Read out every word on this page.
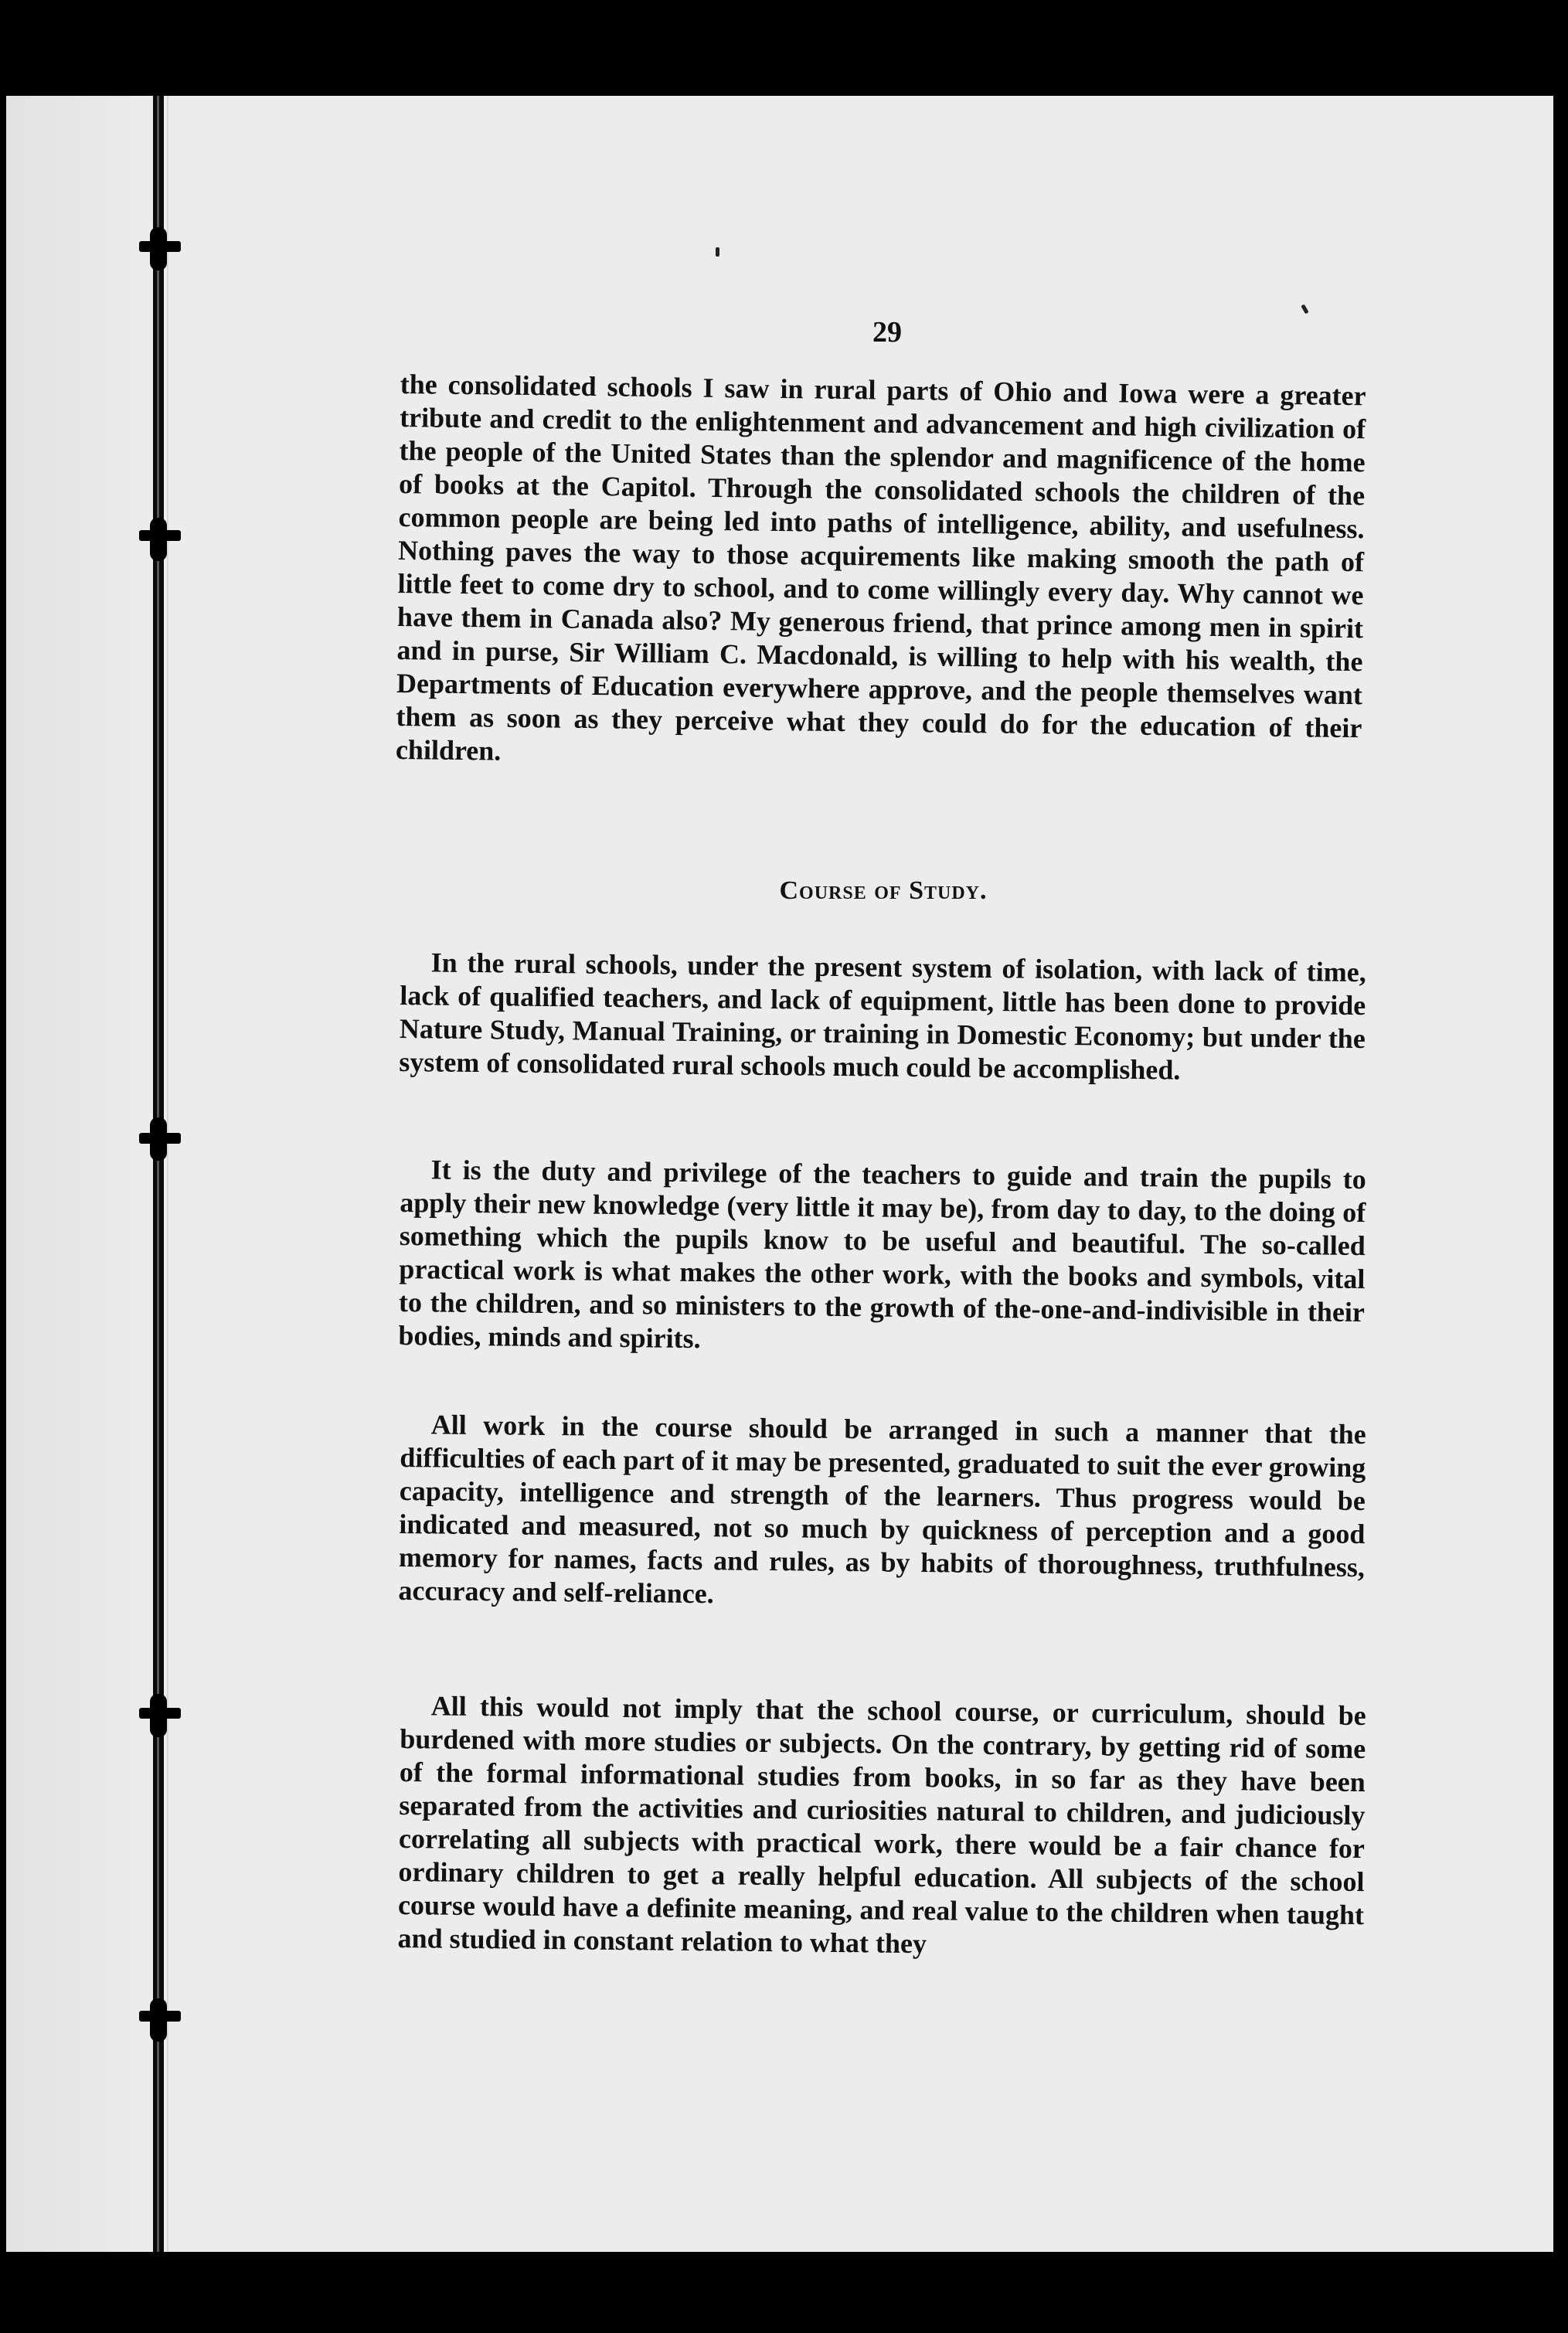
29

the consolidated schools I saw in rural parts of Ohio and Iowa were a greater tribute and credit to the enlightenment and advancement and high civilization of the people of the United States than the splendor and magnificence of the home of books at the Capitol. Through the consolidated schools the children of the common people are being led into paths of intelligence, ability, and usefulness. Nothing paves the way to those acquirements like making smooth the path of little feet to come dry to school, and to come willingly every day. Why cannot we have them in Canada also? My generous friend, that prince among men in spirit and in purse, Sir William C. Macdonald, is willing to help with his wealth, the Departments of Education everywhere approve, and the people themselves want them as soon as they perceive what they could do for the education of their children.

Course of Study.

In the rural schools, under the present system of isolation, with lack of time, lack of qualified teachers, and lack of equipment, little has been done to provide Nature Study, Manual Training, or training in Domestic Economy; but under the system of consolidated rural schools much could be accomplished.

It is the duty and privilege of the teachers to guide and train the pupils to apply their new knowledge (very little it may be), from day to day, to the doing of something which the pupils know to be useful and beautiful. The so-called practical work is what makes the other work, with the books and symbols, vital to the children, and so ministers to the growth of the-one-and-indivisible in their bodies, minds and spirits.

All work in the course should be arranged in such a manner that the difficulties of each part of it may be presented, graduated to suit the ever growing capacity, intelligence and strength of the learners. Thus progress would be indicated and measured, not so much by quickness of perception and a good memory for names, facts and rules, as by habits of thoroughness, truthfulness, accuracy and self-reliance.

All this would not imply that the school course, or curriculum, should be burdened with more studies or subjects. On the contrary, by getting rid of some of the formal informational studies from books, in so far as they have been separated from the activities and curiosities natural to children, and judiciously correlating all subjects with practical work, there would be a fair chance for ordinary children to get a really helpful education. All subjects of the school course would have a definite meaning, and real value to the children when taught and studied in constant relation to what they
